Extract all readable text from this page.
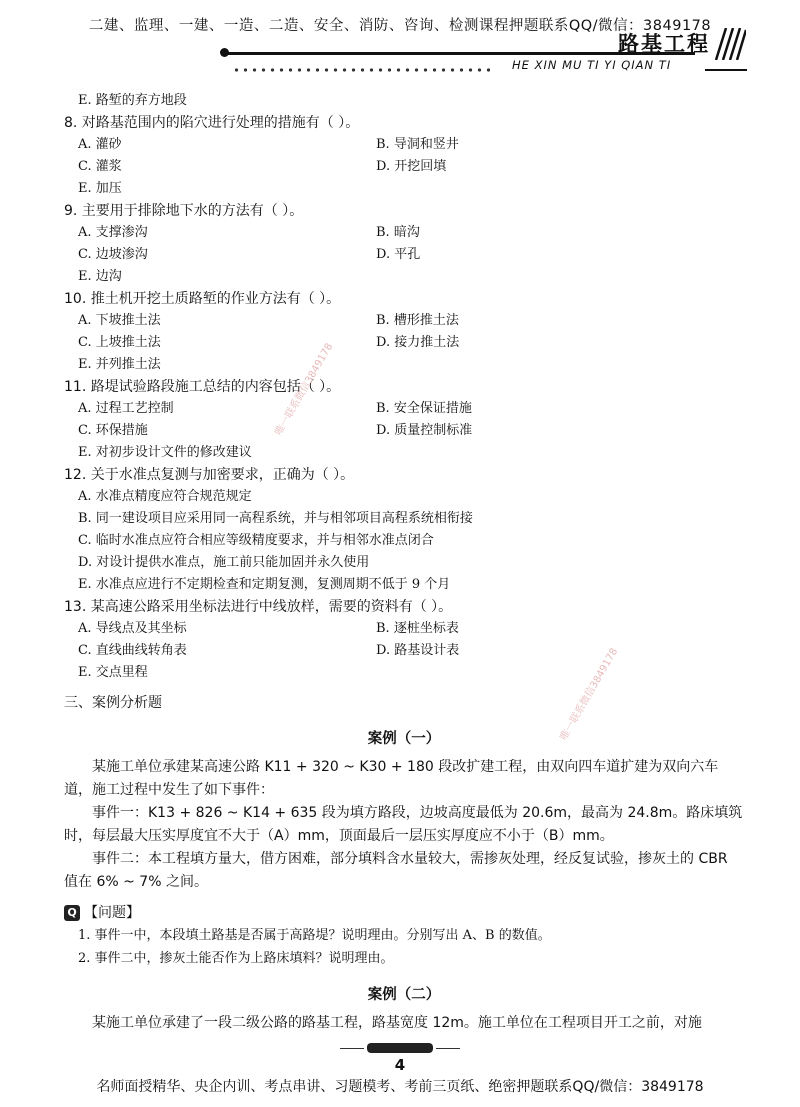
二建、监理、一建、一造、二造、安全、消防、咨询、检测课程押题联系QQ/微信：3849178
路基工程
HE XIN MU TI YI QIAN TI
E. 路堑的弃方地段
8. 对路基范围内的陷穴进行处理的措施有（ ）。
A. 灌砂	B. 导洞和竖井
C. 灌浆	D. 开挖回填
E. 加压
9. 主要用于排除地下水的方法有（ ）。
A. 支撑渗沟	B. 暗沟
C. 边坡渗沟	D. 平孔
E. 边沟
10. 推土机开挖土质路堑的作业方法有（ ）。
A. 下坡推土法	B. 槽形推土法
C. 上坡推土法	D. 接力推土法
E. 并列推土法
11. 路堤试验路段施工总结的内容包括（ ）。
A. 过程工艺控制	B. 安全保证措施
C. 环保措施	D. 质量控制标准
E. 对初步设计文件的修改建议
12. 关于水准点复测与加密要求，正确为（ ）。
A. 水准点精度应符合规范规定
B. 同一建设项目应采用同一高程系统，并与相邻项目高程系统相衔接
C. 临时水准点应符合相应等级精度要求，并与相邻水准点闭合
D. 对设计提供水准点，施工前只能加固并永久使用
E. 水准点应进行不定期检查和定期复测，复测周期不低于 9 个月
13. 某高速公路采用坐标法进行中线放样，需要的资料有（ ）。
A. 导线点及其坐标	B. 逐桩坐标表
C. 直线曲线转角表	D. 路基设计表
E. 交点里程
三、案例分析题
案例（一）
某施工单位承建某高速公路 K11 + 320 ~ K30 + 180 段改扩建工程，由双向四车道扩建为双向六车道，施工过程中发生了如下事件：
事件一：K13 + 826 ~ K14 + 635 段为填方路段，边坡高度最低为 20.6m，最高为 24.8m。路床填筑时，每层最大压实厚度宜不大于（A）mm，顶面最后一层压实厚度应不小于（B）mm。
事件二：本工程填方量大，借方困难，部分填料含水量较大，需掺灰处理，经反复试验，掺灰土的 CBR 值在 6% ~ 7% 之间。
Q 【问题】
1. 事件一中，本段填土路基是否属于高路堤？说明理由。分别写出 A、B 的数值。
2. 事件二中，掺灰土能否作为上路床填料？说明理由。
案例（二）
某施工单位承建了一段二级公路的路基工程，路基宽度 12m。施工单位在工程项目开工之前，对施
唯一联系微信3849178
唯一联系微信3849178
4
名师面授精华、央企内训、考点串讲、习题模考、考前三页纸、绝密押题联系QQ/微信：3849178
